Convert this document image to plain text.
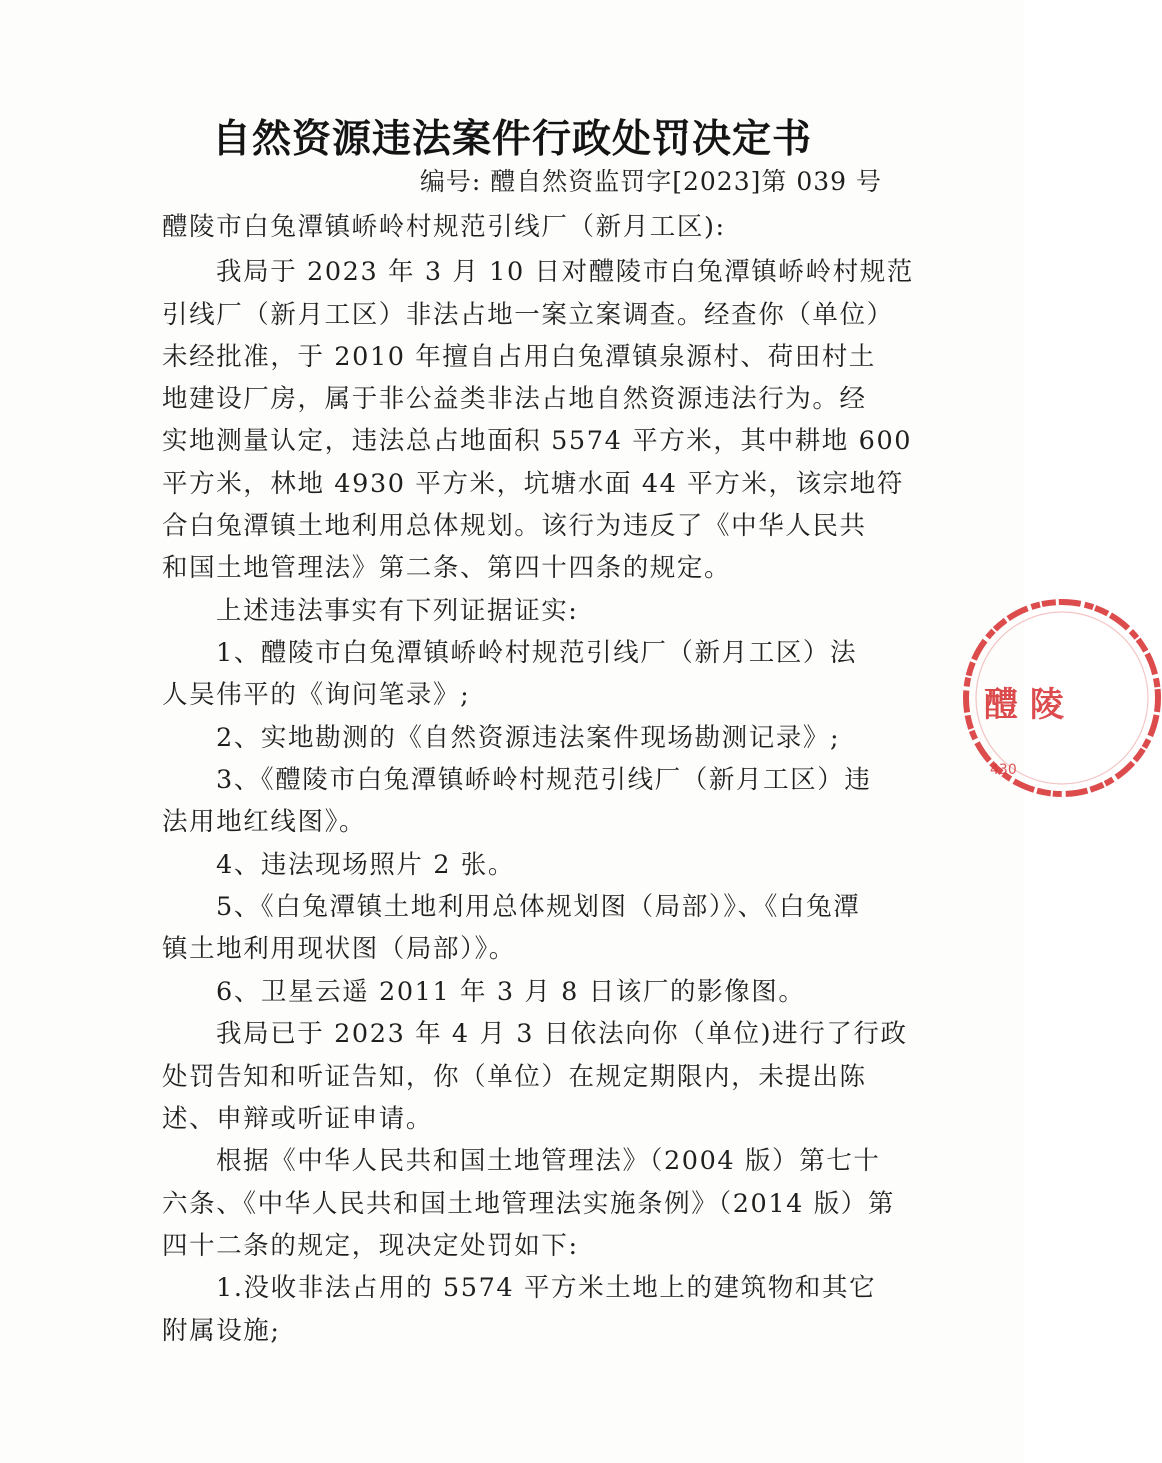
自然资源违法案件行政处罚决定书
编号: 醴自然资监罚字[2023]第 039 号
醴陵市白兔潭镇峤岭村规范引线厂（新月工区):
我局于 2023 年 3 月 10 日对醴陵市白兔潭镇峤岭村规范
引线厂（新月工区）非法占地一案立案调查。经查你（单位）
未经批准，于 2010 年擅自占用白兔潭镇泉源村、荷田村土
地建设厂房，属于非公益类非法占地自然资源违法行为。经
实地测量认定，违法总占地面积 5574 平方米，其中耕地 600
平方米，林地 4930 平方米，坑塘水面 44 平方米，该宗地符
合白兔潭镇土地利用总体规划。该行为违反了《中华人民共
和国土地管理法》第二条、第四十四条的规定。
上述违法事实有下列证据证实:
1、醴陵市白兔潭镇峤岭村规范引线厂（新月工区）法
人吴伟平的《询问笔录》;
2、实地勘测的《自然资源违法案件现场勘测记录》;
3、《醴陵市白兔潭镇峤岭村规范引线厂（新月工区）违
法用地红线图》。
4、违法现场照片 2 张。
5、《白兔潭镇土地利用总体规划图（局部）》、《白兔潭
镇土地利用现状图（局部）》。
6、卫星云遥 2011 年 3 月 8 日该厂的影像图。
我局已于 2023 年 4 月 3 日依法向你（单位)进行了行政
处罚告知和听证告知，你（单位）在规定期限内，未提出陈
述、申辩或听证申请。
根据《中华人民共和国土地管理法》（2004 版）第七十
六条、《中华人民共和国土地管理法实施条例》（2014 版）第
四十二条的规定，现决定处罚如下:
1.没收非法占用的 5574 平方米土地上的建筑物和其它
附属设施;
醴 陵
430
